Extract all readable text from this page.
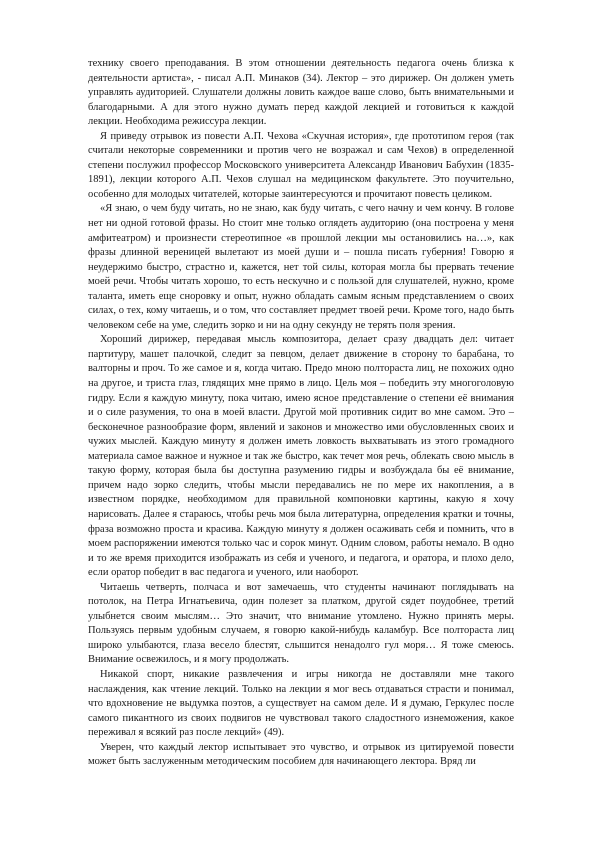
технику своего преподавания. В этом отношении деятельность педагога очень близка к деятельности артиста», - писал А.П. Минаков (34). Лектор – это дирижер. Он должен уметь управлять аудиторией. Слушатели должны ловить каждое ваше слово, быть внимательными и благодарными. А для этого нужно думать перед каждой лекцией и готовиться к каждой лекции. Необходима режиссура лекции.

Я приведу отрывок из повести А.П. Чехова «Скучная история», где прототипом героя (так считали некоторые современники и против чего не возражал и сам Чехов) в определенной степени послужил профессор Московского университета Александр Иванович Бабухин (1835-1891), лекции которого А.П. Чехов слушал на медицинском факультете. Это поучительно, особенно для молодых читателей, которые заинтересуются и прочитают повесть целиком.

«Я знаю, о чем буду читать, но не знаю, как буду читать, с чего начну и чем кончу. В голове нет ни одной готовой фразы. Но стоит мне только оглядеть аудиторию (она построена у меня амфитеатром) и произнести стереотипное «в прошлой лекции мы остановились на…», как фразы длинной вереницей вылетают из моей души и – пошла писать губерния! Говорю я неудержимо быстро, страстно и, кажется, нет той силы, которая могла бы прервать течение моей речи. Чтобы читать хорошо, то есть нескучно и с пользой для слушателей, нужно, кроме таланта, иметь еще сноровку и опыт, нужно обладать самым ясным представлением о своих силах, о тех, кому читаешь, и о том, что составляет предмет твоей речи. Кроме того, надо быть человеком себе на уме, следить зорко и ни на одну секунду не терять поля зрения.

Хороший дирижер, передавая мысль композитора, делает сразу двадцать дел: читает партитуру, машет палочкой, следит за певцом, делает движение в сторону то барабана, то валторны и проч. То же самое и я, когда читаю. Предо мною полтораста лиц, не похожих одно на другое, и триста глаз, глядящих мне прямо в лицо. Цель моя – победить эту многоголовую гидру. Если я каждую минуту, пока читаю, имею ясное представление о степени её внимания и о силе разумения, то она в моей власти. Другой мой противник сидит во мне самом. Это – бесконечное разнообразие форм, явлений и законов и множество ими обусловленных своих и чужих мыслей. Каждую минуту я должен иметь ловкость выхватывать из этого громадного материала самое важное и нужное и так же быстро, как течет моя речь, облекать свою мысль в такую форму, которая была бы доступна разумению гидры и возбуждала бы её внимание, причем надо зорко следить, чтобы мысли передавались не по мере их накопления, а в известном порядке, необходимом для правильной компоновки картины, какую я хочу нарисовать. Далее я стараюсь, чтобы речь моя была литературна, определения кратки и точны, фраза возможно проста и красива. Каждую минуту я должен осаживать себя и помнить, что в моем распоряжении имеются только час и сорок минут. Одним словом, работы немало. В одно и то же время приходится изображать из себя и ученого, и педагога, и оратора, и плохо дело, если оратор победит в вас педагога и ученого, или наоборот.

Читаешь четверть, полчаса и вот замечаешь, что студенты начинают поглядывать на потолок, на Петра Игнатьевича, один полезет за платком, другой сядет поудобнее, третий улыбнется своим мыслям… Это значит, что внимание утомлено. Нужно принять меры. Пользуясь первым удобным случаем, я говорю какой-нибудь каламбур. Все полтораста лиц широко улыбаются, глаза весело блестят, слышится ненадолго гул моря… Я тоже смеюсь. Внимание освежилось, и я могу продолжать.

Никакой спорт, никакие развлечения и игры никогда не доставляли мне такого наслаждения, как чтение лекций. Только на лекции я мог весь отдаваться страсти и понимал, что вдохновение не выдумка поэтов, а существует на самом деле. И я думаю, Геркулес после самого пикантного из своих подвигов не чувствовал такого сладостного изнеможения, какое переживал я всякий раз после лекций» (49).

Уверен, что каждый лектор испытывает это чувство, и отрывок из цитируемой повести может быть заслуженным методическим пособием для начинающего лектора. Вряд ли
